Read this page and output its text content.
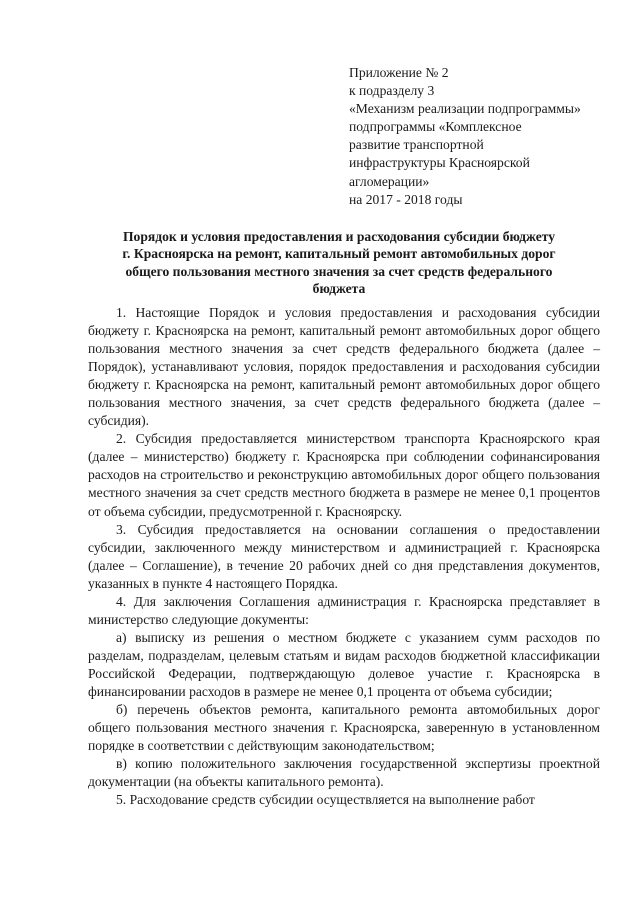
Приложение № 2
к подразделу 3
«Механизм реализации подпрограммы»
подпрограммы «Комплексное
развитие транспортной
инфраструктуры Красноярской
агломерации»
на 2017 - 2018 годы
Порядок и условия предоставления и расходования субсидии бюджету
г. Красноярска на ремонт, капитальный ремонт автомобильных дорог
общего пользования местного значения за счет средств федерального
бюджета

1. Настоящие Порядок и условия предоставления и расходования субсидии бюджету г. Красноярска на ремонт, капитальный ремонт автомобильных дорог общего пользования местного значения за счет средств федерального бюджета (далее – Порядок), устанавливают условия, порядок предоставления и расходования субсидии бюджету г. Красноярска на ремонт, капитальный ремонт автомобильных дорог общего пользования местного значения, за счет средств федерального бюджета (далее – субсидия).

2. Субсидия предоставляется министерством транспорта Красноярского края (далее – министерство) бюджету г. Красноярска при соблюдении софинансирования расходов на строительство и реконструкцию автомобильных дорог общего пользования местного значения за счет средств местного бюджета в размере не менее 0,1 процентов от объема субсидии, предусмотренной г. Красноярску.

3. Субсидия предоставляется на основании соглашения о предоставлении субсидии, заключенного между министерством и администрацией г. Красноярска (далее – Соглашение), в течение 20 рабочих дней со дня представления документов, указанных в пункте 4 настоящего Порядка.

4. Для заключения Соглашения администрация г. Красноярска представляет в министерство следующие документы:

а) выписку из решения о местном бюджете с указанием сумм расходов по разделам, подразделам, целевым статьям и видам расходов бюджетной классификации Российской Федерации, подтверждающую долевое участие г. Красноярска в финансировании расходов в размере не менее 0,1 процента от объема субсидии;

б) перечень объектов ремонта, капитального ремонта автомобильных дорог общего пользования местного значения г. Красноярска, заверенную в установленном порядке в соответствии с действующим законодательством;

в) копию положительного заключения государственной экспертизы проектной документации (на объекты капитального ремонта).

5. Расходование средств субсидии осуществляется на выполнение работ
